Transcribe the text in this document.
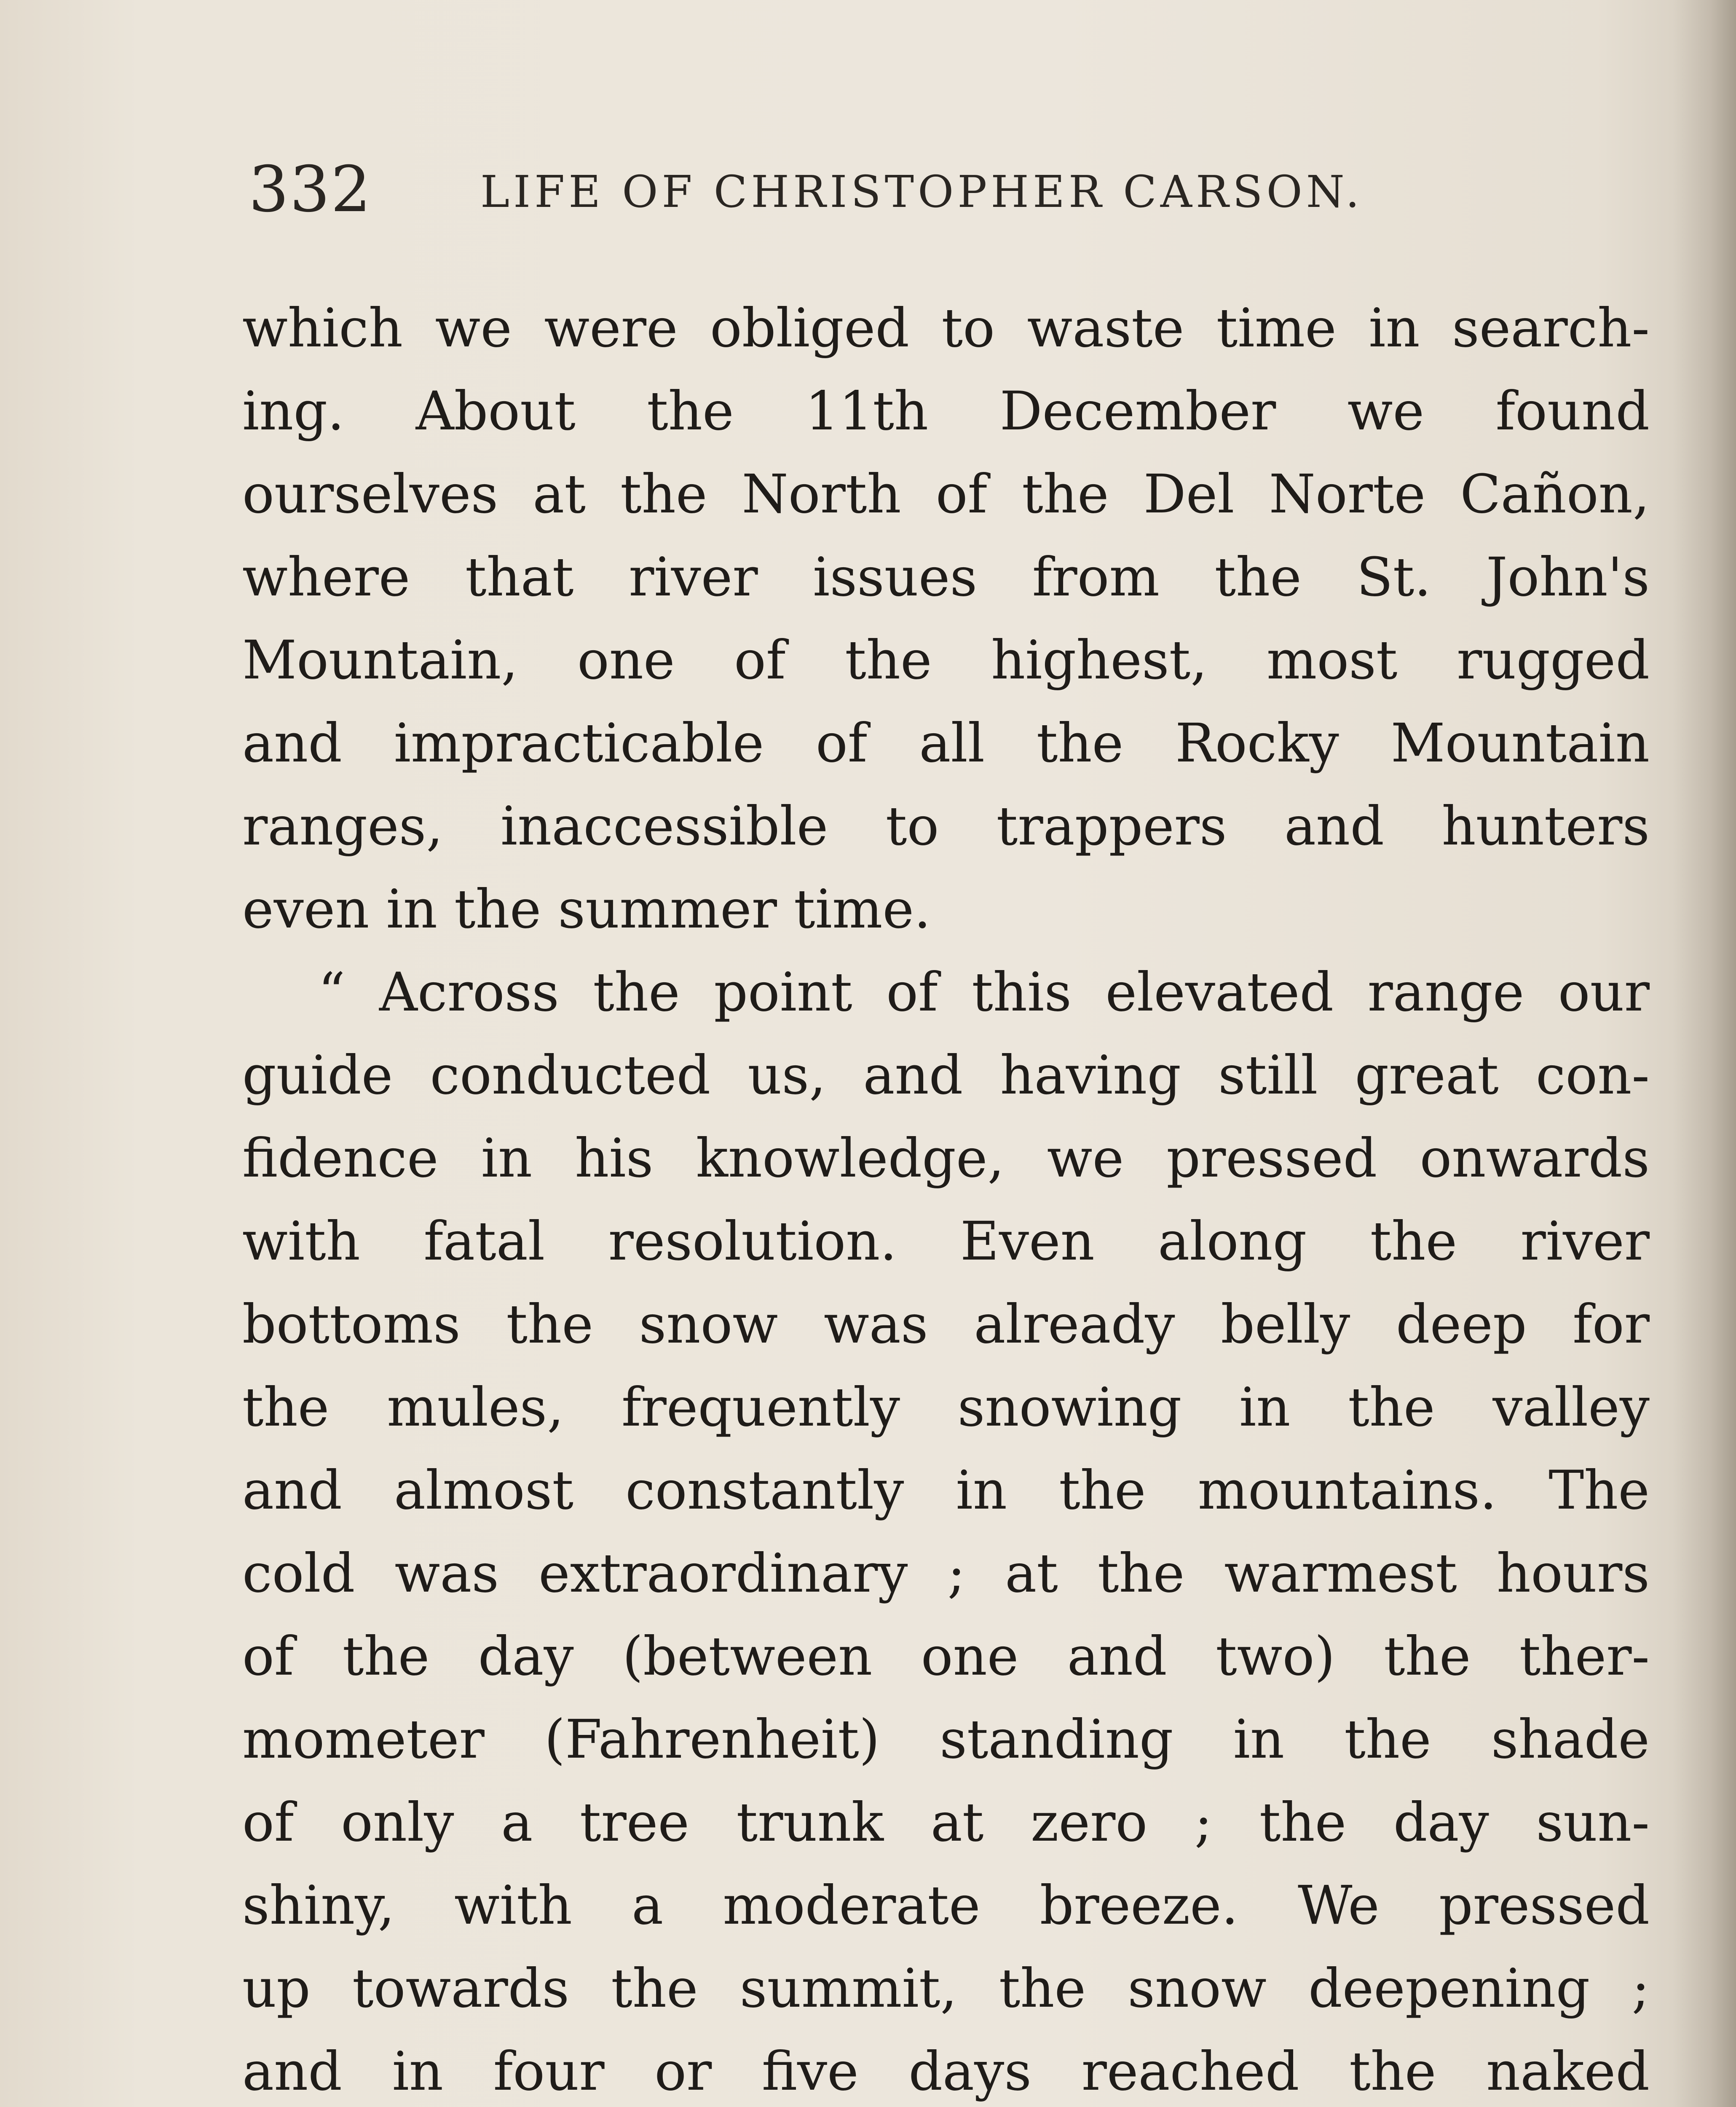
332 LIFE OF CHRISTOPHER CARSON.
which we were obliged to waste time in search-
ing. About the 11th December we found
ourselves at the North of the Del Norte Cañon,
where that river issues from the St. John's
Mountain, one of the highest, most rugged
and impracticable of all the Rocky Mountain
ranges, inaccessible to trappers and hunters
even in the summer time.
“ Across the point of this elevated range our
guide conducted us, and having still great con-
fidence in his knowledge, we pressed onwards
with fatal resolution. Even along the river
bottoms the snow was already belly deep for
the mules, frequently snowing in the valley
and almost constantly in the mountains. The
cold was extraordinary ; at the warmest hours
of the day (between one and two) the ther-
mometer (Fahrenheit) standing in the shade
of only a tree trunk at zero ; the day sun-
shiny, with a moderate breeze. We pressed
up towards the summit, the snow deepening ;
and in four or five days reached the naked
